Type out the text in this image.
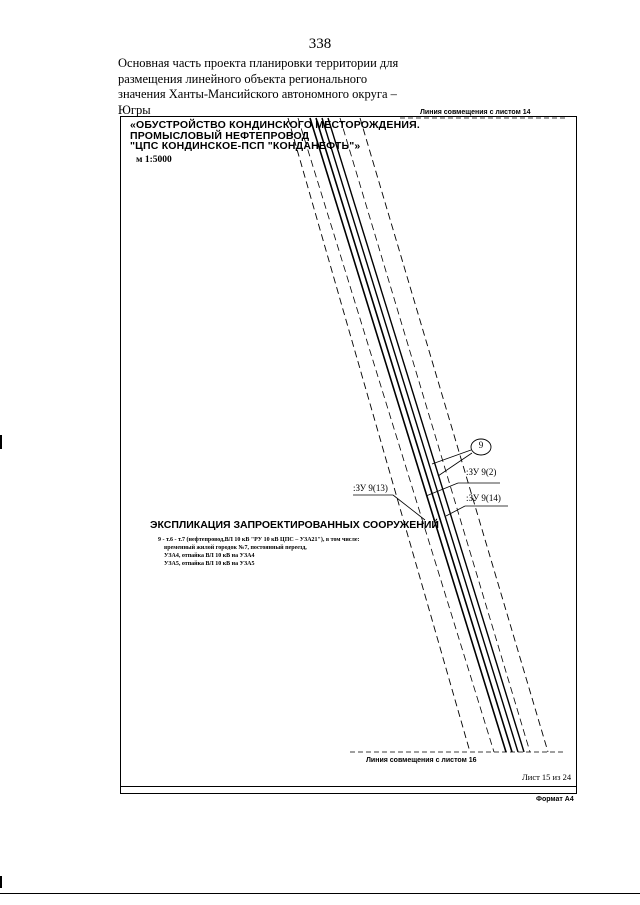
338
Основная часть проекта планировки территории для
размещения линейного объекта регионального
значения Ханты-Мансийского автономного округа –
Югры
«ОБУСТРОЙСТВО КОНДИНСКОГО МЕСТОРОЖДЕНИЯ.
ПРОМЫСЛОВЫЙ НЕФТЕПРОВОД
"ЦПС КОНДИНСКОЕ-ПСП "КОНДАНЕФТЬ"»
м 1:5000
Линия совмещения с листом 14
Линия совмещения с листом 16
9
:ЗУ 9(2)
:ЗУ 9(13)
:ЗУ 9(14)
ЭКСПЛИКАЦИЯ ЗАПРОЕКТИРОВАННЫХ СООРУЖЕНИЙ
9 - т.6 - т.7 (нефтепровод,ВЛ 10 кВ "РУ 10 кВ ЦПС – УЗА21"), в том числе:
временный жилой городок №7, постоянный переезд,
УЗА4, отпайка ВЛ 10 кВ на УЗА4
УЗА5, отпайка ВЛ 10 кВ на УЗА5
Лист 15 из 24
Формат А4
